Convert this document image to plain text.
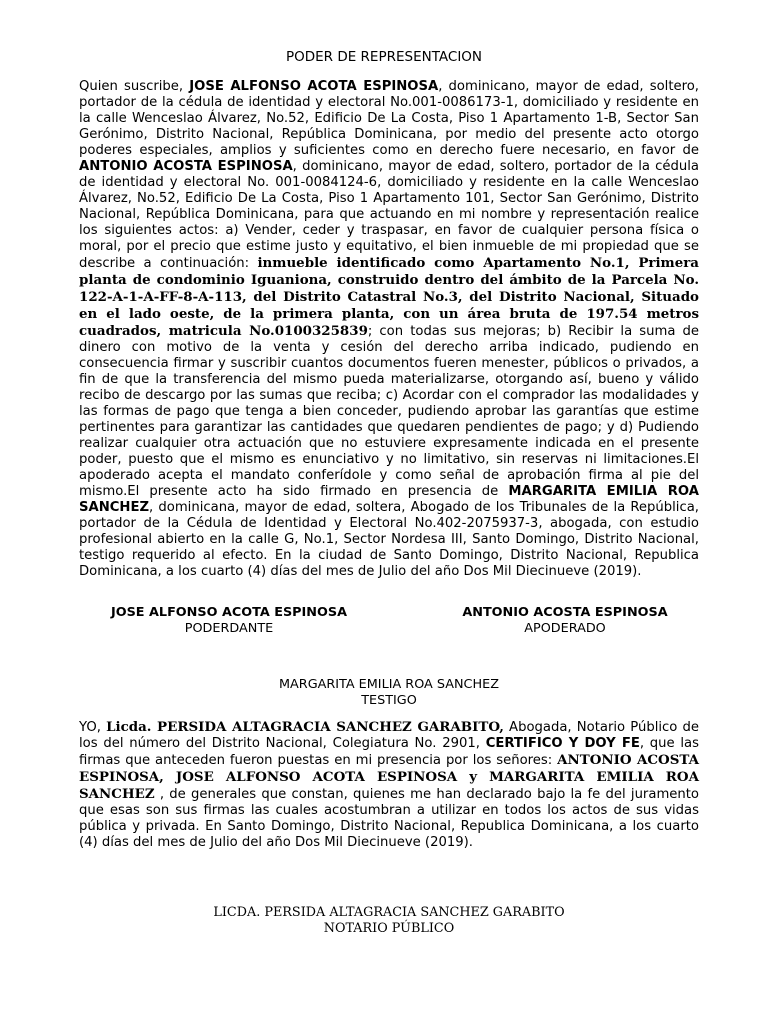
PODER DE REPRESENTACION

Quien suscribe, JOSE ALFONSO ACOTA ESPINOSA, dominicano, mayor de edad, soltero, portador de la cédula de identidad y electoral No.001-0086173-1, domiciliado y residente en la calle Wenceslao Álvarez, No.52, Edificio De La Costa, Piso 1 Apartamento 1-B, Sector San Gerónimo, Distrito Nacional, República Dominicana, por medio del presente acto otorgo poderes especiales, amplios y suficientes como en derecho fuere necesario, en favor de ANTONIO ACOSTA ESPINOSA, dominicano, mayor de edad, soltero, portador de la cédula de identidad y electoral No. 001-0084124-6, domiciliado y residente en la calle Wenceslao Álvarez, No.52, Edificio De La Costa, Piso 1 Apartamento 101, Sector San Gerónimo, Distrito Nacional, República Dominicana, para que actuando en mi nombre y representación realice los siguientes actos: a) Vender, ceder y traspasar, en favor de cualquier persona física o moral, por el precio que estime justo y equitativo, el bien inmueble de mi propiedad que se describe a continuación: inmueble identificado como Apartamento No.1, Primera planta de condominio Iguaniona, construido dentro del ámbito de la Parcela No. 122-A-1-A-FF-8-A-113, del Distrito Catastral No.3, del Distrito Nacional, Situado en el lado oeste, de la primera planta, con un área bruta de 197.54 metros cuadrados, matricula No.0100325839; con todas sus mejoras; b) Recibir la suma de dinero con motivo de la venta y cesión del derecho arriba indicado, pudiendo en consecuencia firmar y suscribir cuantos documentos fueren menester, públicos o privados, a fin de que la transferencia del mismo pueda materializarse, otorgando así, bueno y válido recibo de descargo por las sumas que reciba; c) Acordar con el comprador las modalidades y las formas de pago que tenga a bien conceder, pudiendo aprobar las garantías que estime pertinentes para garantizar las cantidades que quedaren pendientes de pago; y d) Pudiendo realizar cualquier otra actuación que no estuviere expresamente indicada en el presente poder, puesto que el mismo es enunciativo y no limitativo, sin reservas ni limitaciones.El apoderado acepta el mandato conferídole y como señal de aprobación firma al pie del mismo.El presente acto ha sido firmado en presencia de MARGARITA EMILIA ROA SANCHEZ, dominicana, mayor de edad, soltera, Abogado de los Tribunales de la República, portador de la Cédula de Identidad y Electoral No.402-2075937-3, abogada, con estudio profesional abierto en la calle G, No.1, Sector Nordesa III, Santo Domingo, Distrito Nacional, testigo requerido al efecto. En la ciudad de Santo Domingo, Distrito Nacional, Republica Dominicana, a los cuarto (4) días del mes de Julio del año Dos Mil Diecinueve (2019).

JOSE ALFONSO ACOTA ESPINOSA
PODERDANTE
ANTONIO ACOSTA ESPINOSA
APODERADO
MARGARITA EMILIA ROA SANCHEZ
TESTIGO

YO, Licda. PERSIDA ALTAGRACIA SANCHEZ GARABITO, Abogada, Notario Público de los del número del Distrito Nacional, Colegiatura No. 2901, CERTIFICO Y DOY FE, que las firmas que anteceden fueron puestas en mi presencia por los señores: ANTONIO ACOSTA ESPINOSA, JOSE ALFONSO ACOTA ESPINOSA y MARGARITA EMILIA ROA SANCHEZ , de generales que constan, quienes me han declarado bajo la fe del juramento que esas son sus firmas las cuales acostumbran a utilizar en todos los actos de sus vidas pública y privada. En Santo Domingo, Distrito Nacional, Republica Dominicana, a los cuarto (4) días del mes de Julio del año Dos Mil Diecinueve (2019).

LICDA. PERSIDA ALTAGRACIA SANCHEZ GARABITO
NOTARIO PÚBLICO
